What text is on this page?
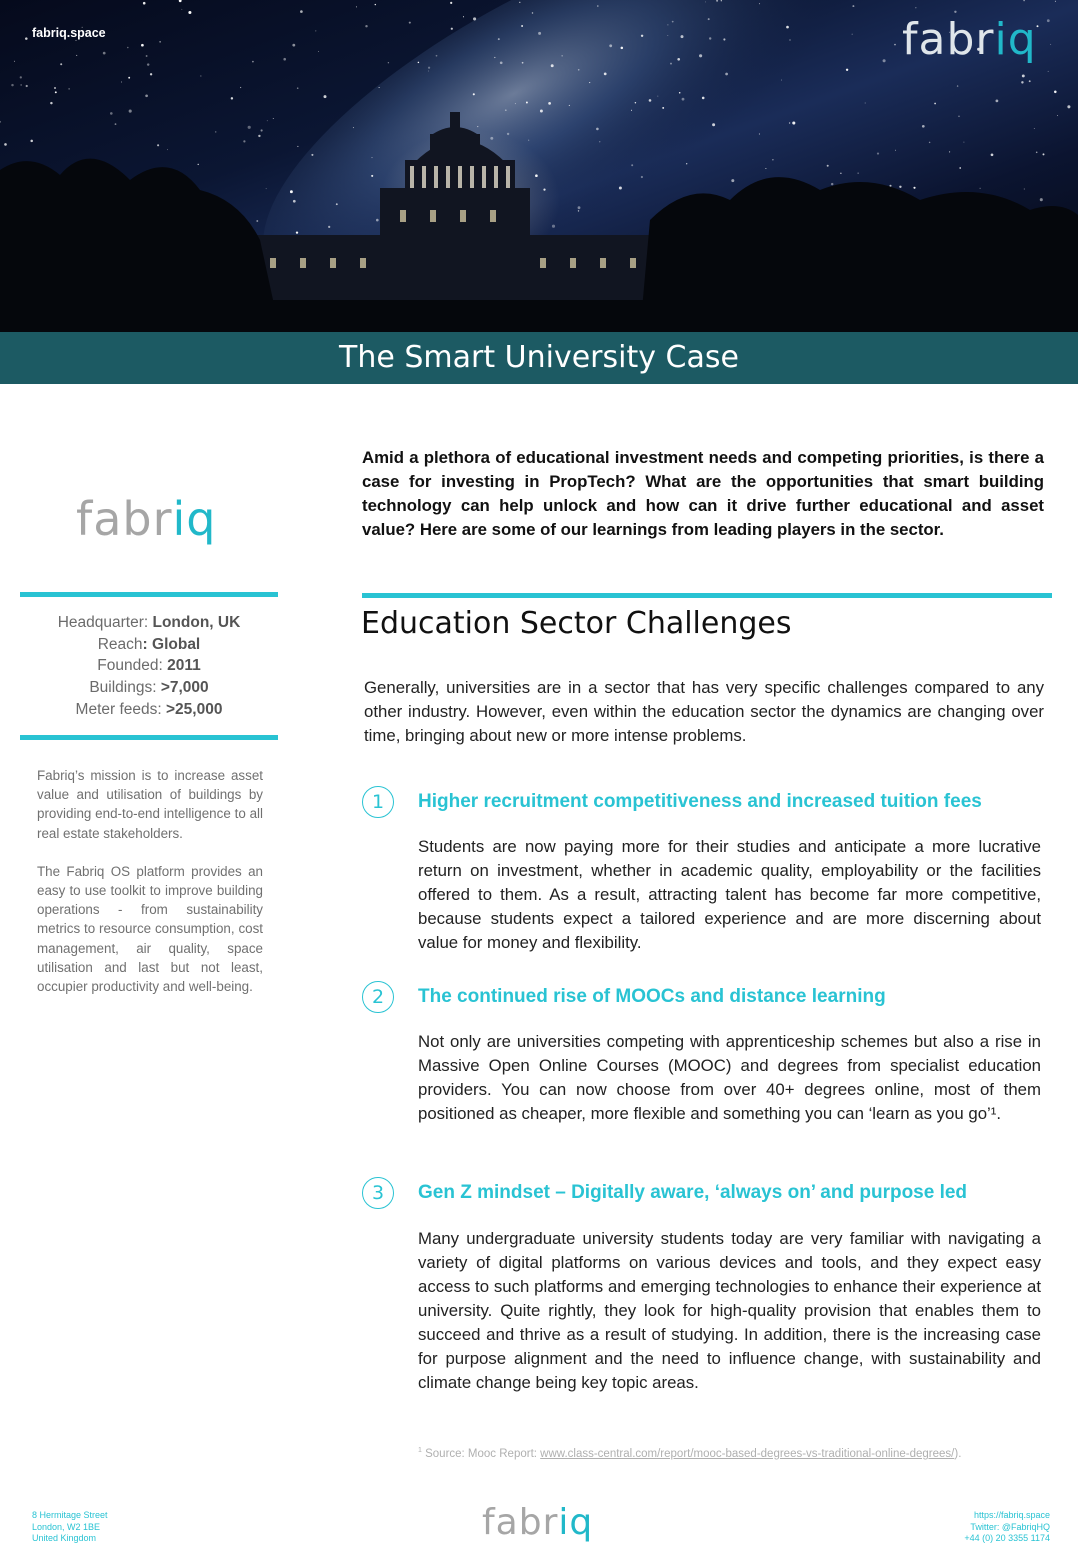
fabriq.space	fabr iq
The Smart University Case
fabr iq
Headquarter: London, UK
Reach: Global
Founded: 2011
Buildings: >7,000
Meter feeds: >25,000

Fabriq’s mission is to increase asset value and utilisation of buildings by providing end-to-end intelligence to all real estate stakeholders.

The Fabriq OS platform provides an easy to use toolkit to improve building operations - from sustainability metrics to resource consumption, cost management, air quality, space utilisation and last but not least, occupier productivity and well-being.

Amid a plethora of educational investment needs and competing priorities, is there a case for investing in PropTech? What are the opportunities that smart building technology can help unlock and how can it drive further educational and asset value? Here are some of our learnings from leading players in the sector.

Education Sector Challenges

Generally, universities are in a sector that has very specific challenges compared to any other industry. However, even within the education sector the dynamics are changing over time, bringing about new or more intense problems.

1	Higher recruitment competitiveness and increased tuition fees

Students are now paying more for their studies and anticipate a more lucrative return on investment, whether in academic quality, employability or the facilities offered to them. As a result, attracting talent has become far more competitive, because students expect a tailored experience and are more discerning about value for money and flexibility.

2	The continued rise of MOOCs and distance learning

Not only are universities competing with apprenticeship schemes but also a rise in Massive Open Online Courses (MOOC) and degrees from specialist education providers. You can now choose from over 40+ degrees online, most of them positioned as cheaper, more flexible and something you can ‘learn as you go’¹.

3	Gen Z mindset – Digitally aware, ‘always on’ and purpose led

Many undergraduate university students today are very familiar with navigating a variety of digital platforms on various devices and tools, and they expect easy access to such platforms and emerging technologies to enhance their experience at university. Quite rightly, they look for high-quality provision that enables them to succeed and thrive as a result of studying. In addition, there is the increasing case for purpose alignment and the need to influence change, with sustainability and climate change being key topic areas.

$^1$ Source: Mooc Report: www.class-central.com/report/mooc-based-degrees-vs-traditional-online-degrees/).
8 Hermitage Street
London, W2 1BE
United Kingdom	fabr iq	https://fabriq.space
Twitter: @FabriqHQ
+44 (0) 20 3355 1174
